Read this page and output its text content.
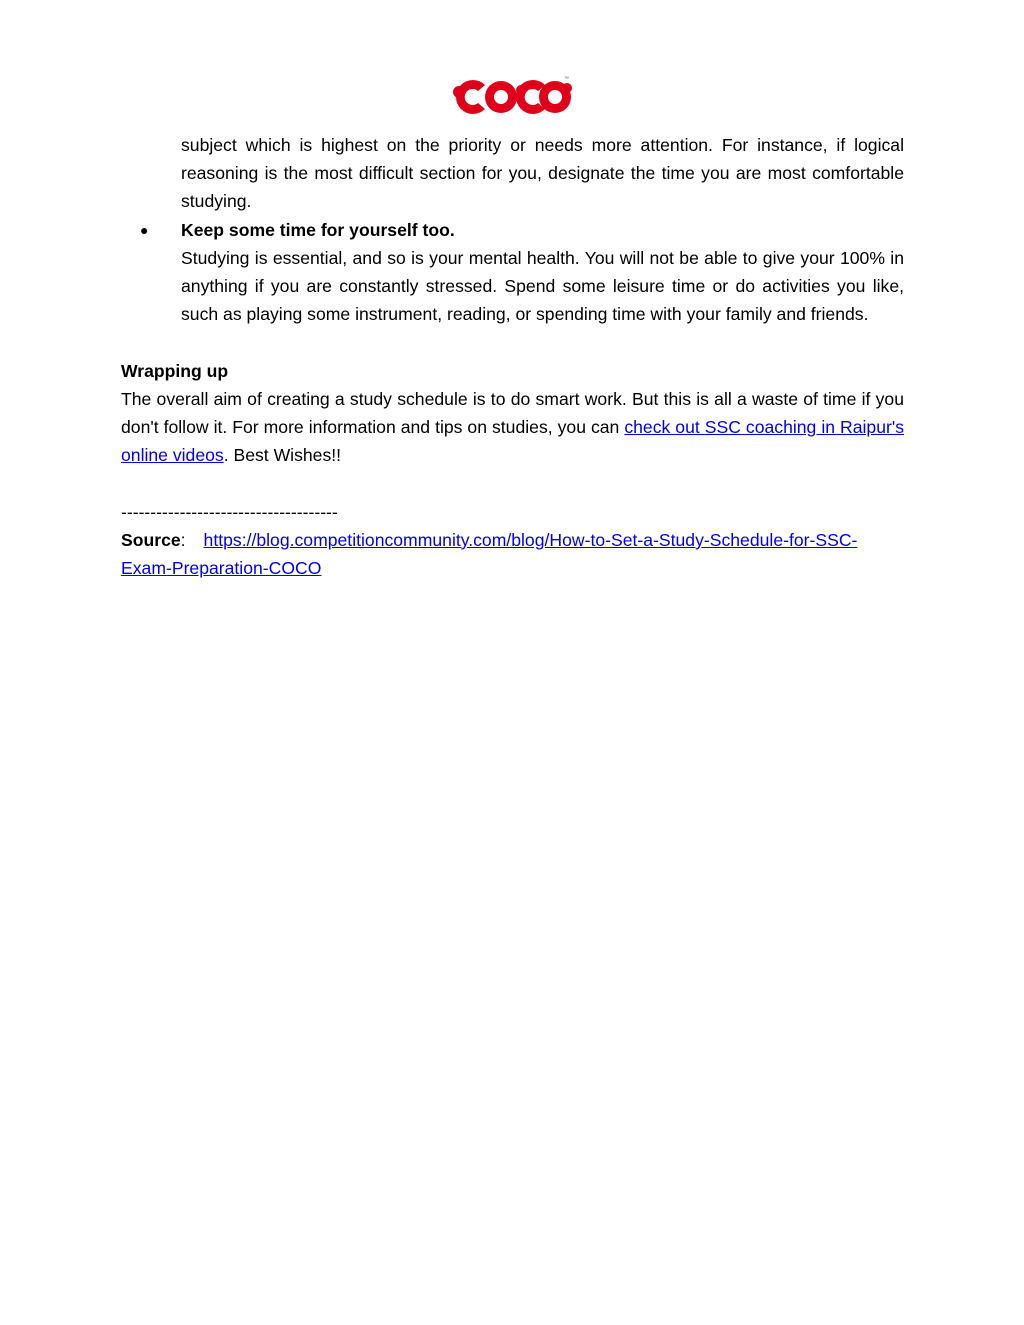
™
subject which is highest on the priority or needs more attention. For instance, if logical reasoning is the most difficult section for you, designate the time you are most comfortable studying.
● Keep some time for yourself too.
Studying is essential, and so is your mental health. You will not be able to give your 100% in anything if you are constantly stressed. Spend some leisure time or do activities you like, such as playing some instrument, reading, or spending time with your family and friends.
Wrapping up
The overall aim of creating a study schedule is to do smart work. But this is all a waste of time if you don't follow it. For more information and tips on studies, you can check out SSC coaching in Raipur's online videos. Best Wishes!!
-------------------------------------
Source: https://blog.competitioncommunity.com/blog/How-to-Set-a-Study-Schedule-for-SSC-Exam-Preparation-COCO
